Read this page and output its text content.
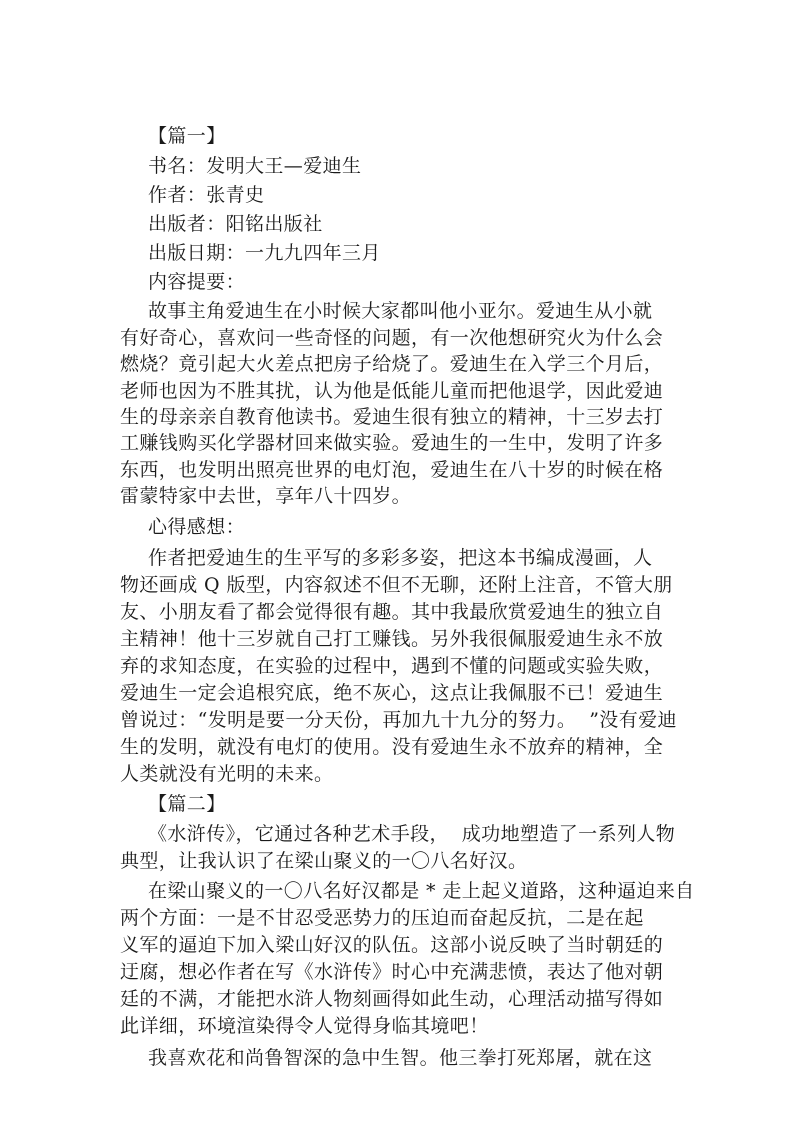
【篇一】
书名：发明大王—爱迪生
作者：张青史
出版者：阳铭出版社
出版日期：一九九四年三月
内容提要：
故事主角爱迪生在小时候大家都叫他小亚尔。爱迪生从小就
有好奇心，喜欢问一些奇怪的问题，有一次他想研究火为什么会
燃烧？竟引起大火差点把房子给烧了。爱迪生在入学三个月后，
老师也因为不胜其扰，认为他是低能儿童而把他退学，因此爱迪
生的母亲亲自教育他读书。爱迪生很有独立的精神，十三岁去打
工赚钱购买化学器材回来做实验。爱迪生的一生中，发明了许多
东西，也发明出照亮世界的电灯泡，爱迪生在八十岁的时候在格
雷蒙特家中去世，享年八十四岁。
心得感想：
作者把爱迪生的生平写的多彩多姿，把这本书编成漫画，人
物还画成 Q 版型，内容叙述不但不无聊，还附上注音，不管大朋
友、小朋友看了都会觉得很有趣。其中我最欣赏爱迪生的独立自
主精神！他十三岁就自己打工赚钱。另外我很佩服爱迪生永不放
弃的求知态度，在实验的过程中，遇到不懂的问题或实验失败，
爱迪生一定会追根究底，绝不灰心，这点让我佩服不已！爱迪生
曾说过：“发明是要一分天份，再加九十九分的努力。  ”没有爱迪
生的发明，就没有电灯的使用。没有爱迪生永不放弃的精神，全
人类就没有光明的未来。
【篇二】
《水浒传》，它通过各种艺术手段，  成功地塑造了一系列人物
典型，让我认识了在梁山聚义的一〇八名好汉。
在梁山聚义的一〇八名好汉都是 * 走上起义道路，这种逼迫来自
两个方面：一是不甘忍受恶势力的压迫而奋起反抗，二是在起
义军的逼迫下加入梁山好汉的队伍。这部小说反映了当时朝廷的
迂腐，想必作者在写《水浒传》时心中充满悲愤，表达了他对朝
廷的不满，才能把水浒人物刻画得如此生动，心理活动描写得如
此详细，环境渲染得令人觉得身临其境吧！
我喜欢花和尚鲁智深的急中生智。他三拳打死郑屠，就在这
